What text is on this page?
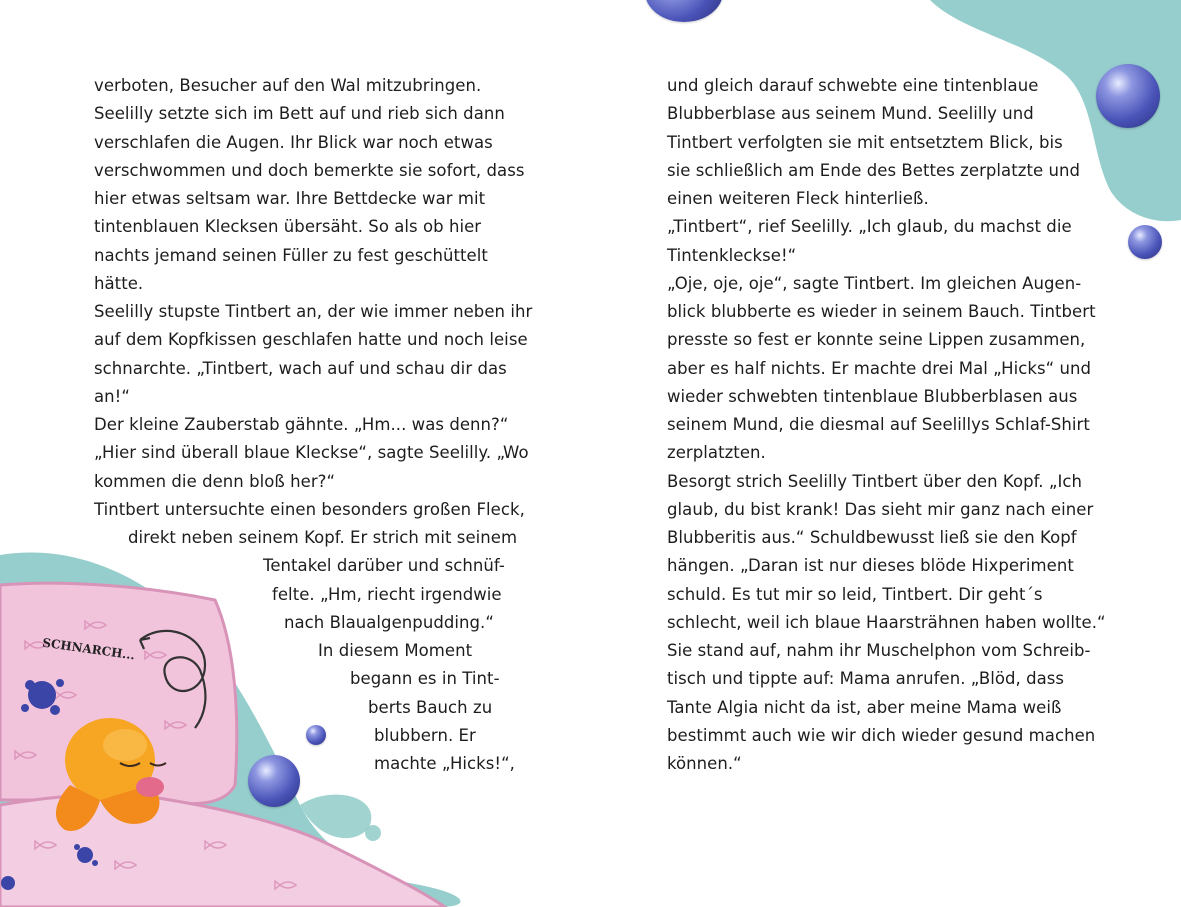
SCHNARCH...
verboten, Besucher auf den Wal mitzubringen.
Seelilly setzte sich im Bett auf und rieb sich dann
verschlafen die Augen. Ihr Blick war noch etwas
verschwommen und doch bemerkte sie sofort, dass
hier etwas seltsam war. Ihre Bettdecke war mit
tintenblauen Klecksen übersäht. So als ob hier
nachts jemand seinen Füller zu fest geschüttelt
hätte.
Seelilly stupste Tintbert an, der wie immer neben ihr
auf dem Kopfkissen geschlafen hatte und noch leise
schnarchte. „Tintbert, wach auf und schau dir das
an!“
Der kleine Zauberstab gähnte. „Hm... was denn?“
„Hier sind überall blaue Kleckse“, sagte Seelilly. „Wo
kommen die denn bloß her?“
Tintbert untersuchte einen besonders großen Fleck,
direkt neben seinem Kopf. Er strich mit seinem
Tentakel darüber und schnüf-
felte. „Hm, riecht irgendwie
nach Blaualgenpudding.“
In diesem Moment
begann es in Tint-
berts Bauch zu
blubbern. Er
machte „Hicks!“,
und gleich darauf schwebte eine tintenblaue
Blubberblase aus seinem Mund. Seelilly und
Tintbert verfolgten sie mit entsetztem Blick, bis
sie schließlich am Ende des Bettes zerplatzte und
einen weiteren Fleck hinterließ.
„Tintbert“, rief Seelilly. „Ich glaub, du machst die
Tintenkleckse!“
„Oje, oje, oje“, sagte Tintbert. Im gleichen Augen-
blick blubberte es wieder in seinem Bauch. Tintbert
presste so fest er konnte seine Lippen zusammen,
aber es half nichts. Er machte drei Mal „Hicks“ und
wieder schwebten tintenblaue Blubberblasen aus
seinem Mund, die diesmal auf Seelillys Schlaf-Shirt
zerplatzten.
Besorgt strich Seelilly Tintbert über den Kopf. „Ich
glaub, du bist krank! Das sieht mir ganz nach einer
Blubberitis aus.“ Schuldbewusst ließ sie den Kopf
hängen. „Daran ist nur dieses blöde Hixperiment
schuld. Es tut mir so leid, Tintbert. Dir geht´s
schlecht, weil ich blaue Haarsträhnen haben wollte.“
Sie stand auf, nahm ihr Muschelphon vom Schreib-
tisch und tippte auf: Mama anrufen. „Blöd, dass
Tante Algia nicht da ist, aber meine Mama weiß
bestimmt auch wie wir dich wieder gesund machen
können.“
